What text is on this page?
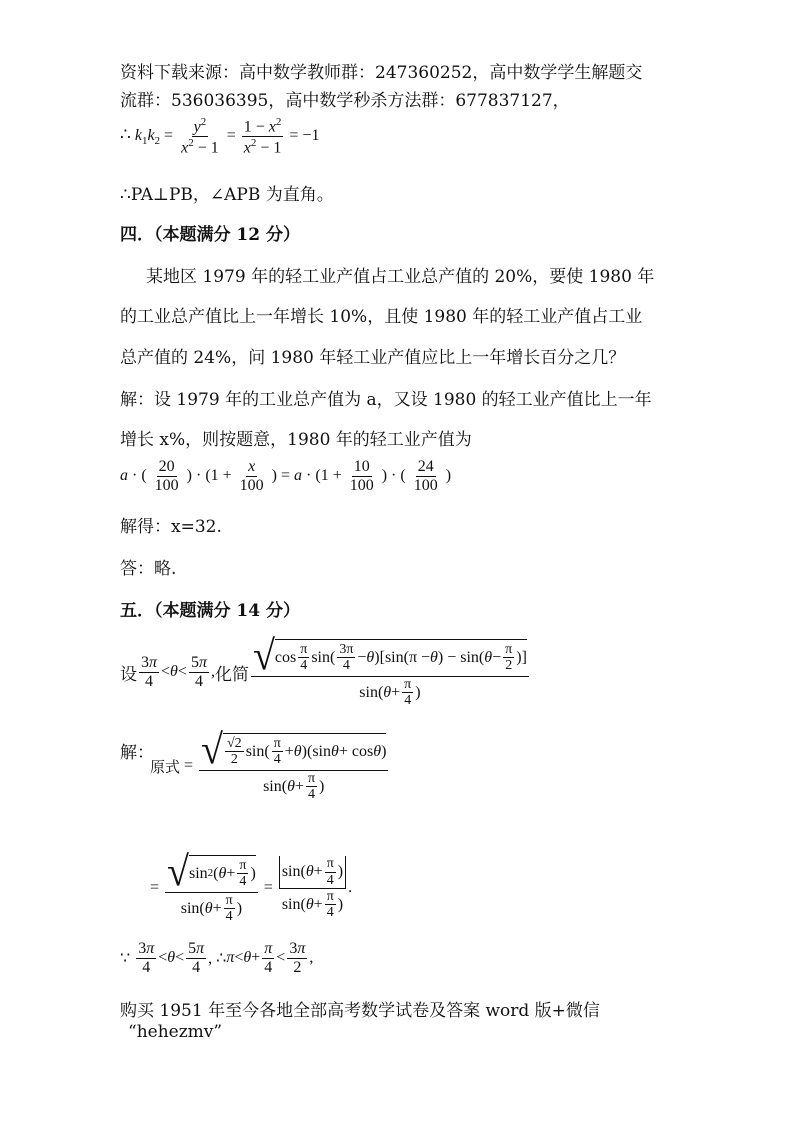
资料下载来源：高中数学教师群：247360252，高中数学学生解题交
流群：536036395，高中数学秒杀方法群：677837127，
∴ $k_1k_2 = \frac{y^2}{x^2 - 1} = \frac{1 - x^2}{x^2 - 1} = -1$
∴PA⊥PB，∠APB 为直角。
四．（本题满分 12 分）
某地区 1979 年的轻工业产值占工业总产值的 20%，要使 1980 年
的工业总产值比上一年增长 10%，且使 1980 年的轻工业产值占工业
总产值的 24%，问 1980 年轻工业产值应比上一年增长百分之几？
解：设 1979 年的工业总产值为 a，又设 1980 的轻工业产值比上一年
增长 x%，则按题意，1980 年的轻工业产值为
a · ( $\frac{20}{100}$ ) · ($1 + \frac{x}{100}$ ) = $a \cdot (1 + \frac{10}{100}$ ) · ( $\frac{24}{100}$ )
解得：x=32.
答：略.
五．（本题满分 14 分）
设 $\frac{3\pi}{4} < \theta < \frac{5\pi}{4}$ , 化简 $\frac{√ \cos \frac{\pi}{4} \sin( \frac{3\pi}{4} - \theta )[\sin(\pi - \theta ) - \sin( \theta - \frac{\pi}{2} )]}{\sin( \theta + \frac{\pi}{4} )}$
解：
原式 = $\frac{√ \frac{√2}{2} \sin( \frac{\pi}{4} + \theta )(\sin \theta + \cos \theta )}{\sin( \theta + \frac{\pi}{4} )}$
= $\frac{√ \sin 2 ( \theta + \frac{\pi}{4} )}{\sin( \theta + \frac{\pi}{4} )} = \frac{\sin( \theta + \frac{\pi}{4} )}{\sin( \theta + \frac{\pi}{4} )}$ .
∵ $\frac{3\pi}{4} < \theta < \frac{5\pi}{4}$ , ∴ $\pi < \theta + \frac{\pi}{4} < \frac{3\pi}{2}$ ,
购买 1951 年至今各地全部高考数学试卷及答案 word 版+微信
“hehezmv”
